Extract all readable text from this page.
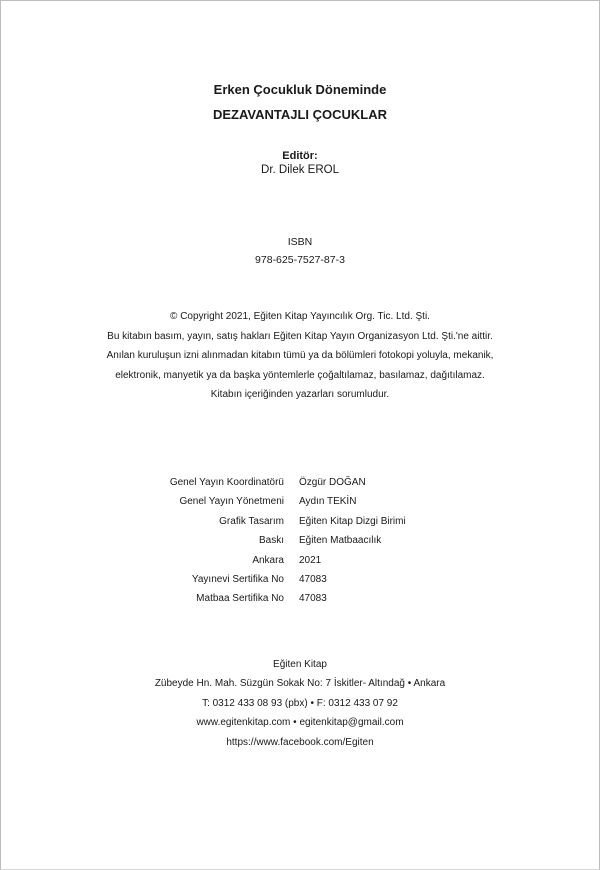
Erken Çocukluk Döneminde
DEZAVANTAJLI ÇOCUKLAR
Editör:
Dr. Dilek EROL
ISBN
978-625-7527-87-3
© Copyright 2021, Eğiten Kitap Yayıncılık Org. Tic. Ltd. Şti.
Bu kitabın basım, yayın, satış hakları Eğiten Kitap Yayın Organizasyon Ltd. Şti.'ne aittir.
Anılan kuruluşun izni alınmadan kitabın tümü ya da bölümleri fotokopi yoluyla, mekanik,
elektronik, manyetik ya da başka yöntemlerle çoğaltılamaz, basılamaz, dağıtılamaz.
Kitabın içeriğinden yazarları sorumludur.
Genel Yayın Koordinatörü Özgür DOĞAN
Genel Yayın Yönetmeni Aydın TEKİN
Grafik Tasarım Eğiten Kitap Dizgi Birimi
Baskı Eğiten Matbaacılık
Ankara 2021
Yayınevi Sertifika No 47083
Matbaa Sertifika No 47083
Eğiten Kitap
Zübeyde Hn. Mah. Süzgün Sokak No: 7 İskitler- Altındağ • Ankara
T: 0312 433 08 93 (pbx) • F: 0312 433 07 92
www.egitenkitap.com • egitenkitap@gmail.com
https://www.facebook.com/Egiten
